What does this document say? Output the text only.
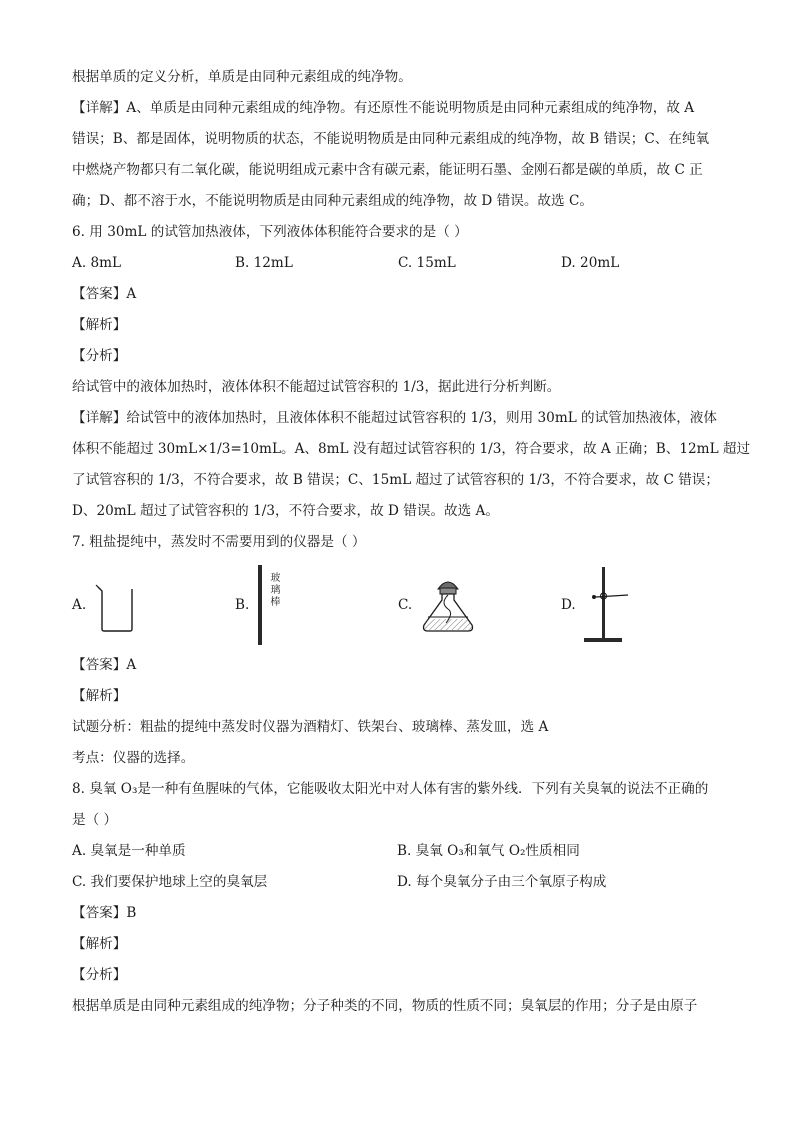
根据单质的定义分析，单质是由同种元素组成的纯净物。
【详解】A、单质是由同种元素组成的纯净物。有还原性不能说明物质是由同种元素组成的纯净物，故 A
错误；B、都是固体，说明物质的状态，不能说明物质是由同种元素组成的纯净物，故 B 错误；C、在纯氧
中燃烧产物都只有二氧化碳，能说明组成元素中含有碳元素，能证明石墨、金刚石都是碳的单质，故 C 正
确；D、都不溶于水，不能说明物质是由同种元素组成的纯净物，故 D 错误。故选 C。
6. 用 30mL 的试管加热液体，下列液体体积能符合要求的是（ ）
A. 8mL	B. 12mL	C. 15mL	D. 20mL
【答案】A
【解析】
【分析】
给试管中的液体加热时，液体体积不能超过试管容积的 1/3，据此进行分析判断。
【详解】给试管中的液体加热时，且液体体积不能超过试管容积的 1/3，则用 30mL 的试管加热液体，液体
体积不能超过 30mL×1/3=10mL。A、8mL 没有超过试管容积的 1/3，符合要求，故 A 正确；B、12mL 超过
了试管容积的 1/3，不符合要求，故 B 错误；C、15mL 超过了试管容积的 1/3，不符合要求，故 C 错误；
D、20mL 超过了试管容积的 1/3，不符合要求，故 D 错误。故选 A。
7. 粗盐提纯中，蒸发时不需要用到的仪器是（ ）
A.	B.
玻
璃
棒	C.	D.
【答案】A
【解析】
试题分析：粗盐的提纯中蒸发时仪器为酒精灯、铁架台、玻璃棒、蒸发皿，选 A
考点：仪器的选择。
8. 臭氧 O₃是一种有鱼腥味的气体，它能吸收太阳光中对人体有害的紫外线．下列有关臭氧的说法不正确的
是（ ）
A. 臭氧是一种单质	B. 臭氧 O₃和氧气 O₂性质相同
C. 我们要保护地球上空的臭氧层	D. 每个臭氧分子由三个氧原子构成
【答案】B
【解析】
【分析】
根据单质是由同种元素组成的纯净物；分子种类的不同，物质的性质不同；臭氧层的作用；分子是由原子
